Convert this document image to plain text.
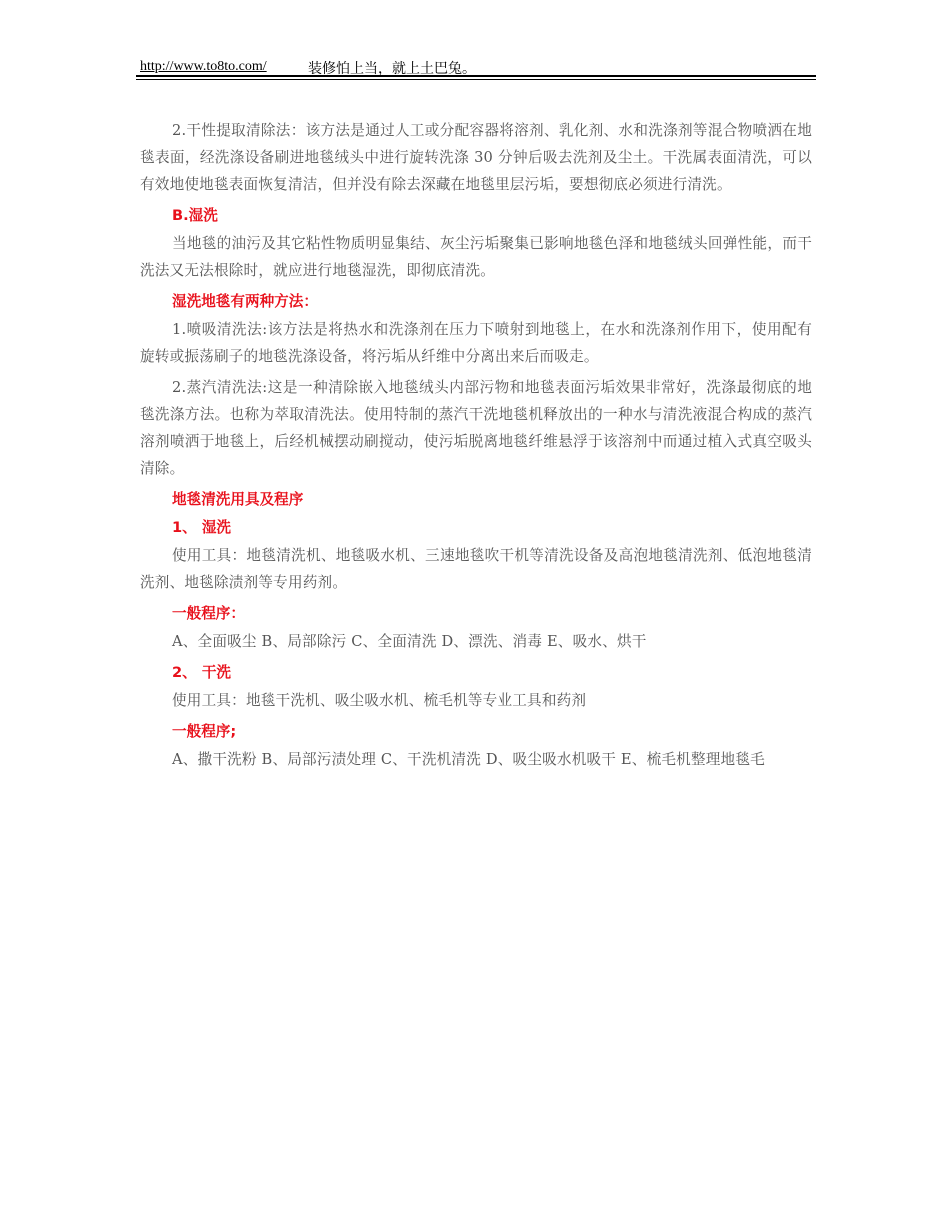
http://www.to8to.com/	装修怕上当，就上土巴兔。

2.干性提取清除法：该方法是通过人工或分配容器将溶剂、乳化剂、水和洗涤剂等混合物喷洒在地毯表面，经洗涤设备刷进地毯绒头中进行旋转洗涤 30 分钟后吸去洗剂及尘土。干洗属表面清洗，可以有效地使地毯表面恢复清洁，但并没有除去深藏在地毯里层污垢，要想彻底必须进行清洗。

B.湿洗

当地毯的油污及其它粘性物质明显集结、灰尘污垢聚集已影响地毯色泽和地毯绒头回弹性能，而干洗法又无法根除时，就应进行地毯湿洗，即彻底清洗。

湿洗地毯有两种方法：

1.喷吸清洗法:该方法是将热水和洗涤剂在压力下喷射到地毯上，在水和洗涤剂作用下，使用配有旋转或振荡刷子的地毯洗涤设备，将污垢从纤维中分离出来后而吸走。

2.蒸汽清洗法:这是一种清除嵌入地毯绒头内部污物和地毯表面污垢效果非常好，洗涤最彻底的地毯洗涤方法。也称为萃取清洗法。使用特制的蒸汽干洗地毯机释放出的一种水与清洗液混合构成的蒸汽溶剂喷洒于地毯上，后经机械摆动刷搅动，使污垢脱离地毯纤维悬浮于该溶剂中而通过植入式真空吸头清除。

地毯清洗用具及程序
1、 湿洗

使用工具：地毯清洗机、地毯吸水机、三速地毯吹干机等清洗设备及高泡地毯清洗剂、低泡地毯清洗剂、地毯除渍剂等专用药剂。

一般程序：

A、全面吸尘 B、局部除污 C、全面清洗 D、漂洗、消毒 E、吸水、烘干

2、 干洗

使用工具：地毯干洗机、吸尘吸水机、梳毛机等专业工具和药剂

一般程序;

A、撒干洗粉 B、局部污渍处理 C、干洗机清洗 D、吸尘吸水机吸干 E、梳毛机整理地毯毛
